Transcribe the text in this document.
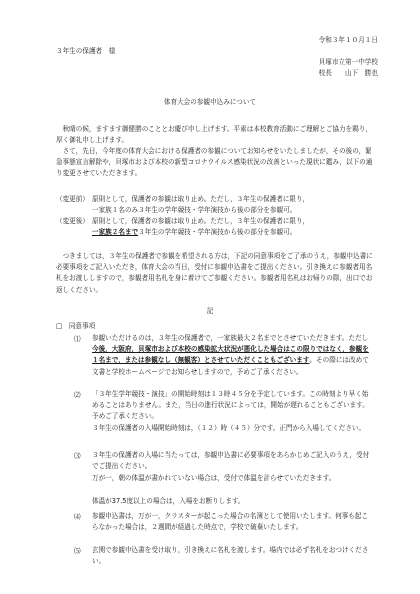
令和３年１０月１日
３年生の保護者　様
貝塚市立第一中学校
校長　　山下　勝也
体育大会の参観申込みについて
　秋晴の候，ますます御健勝のこととお慶び申し上げます。平素は本校教育活動にご理解とご協力を賜り，厚く御礼申し上げます。
　さて，先日，今年度の体育大会における保護者の参観についてお知らせをいたしましたが，その後の，緊急事態宣言解除や，貝塚市および本校の新型コロナウイルス感染状況の改善といった現状に鑑み，以下の通り変更させていただきます。
（変更前） 原則として，保護者の参観は取り止め。ただし，３年生の保護者に限り，
一家族１名のみ３年生の学年競技・学年演技から後の部分を参観可。
（変更後） 原則として，保護者の参観は取り止め。ただし，３年生の保護者に限り，
一家族２名まで３年生の学年競技・学年演技から後の部分を参観可。
　つきましては，３年生の保護者で参観を希望される方は，下記の同意事項をご了承のうえ，参観申込書に必要事項をご記入いただき，体育大会の当日，受付に参観申込書をご提出ください。引き換えに参観者用名札をお渡ししますので，参観者用名札を身に着けてご参観ください。参観者用名札はお帰りの際，出口でお返しください。
記
□　同意事項
⑴ 参観いただけるのは，３年生の保護者で，一家族最大２名までとさせていただきます。ただし今後，大阪府，貝塚市および本校の感染拡大状況が悪化した場合はこの限りではなく，参観を１名まで，または参観なし（無観客）とさせていただくこともございます。その際には改めて文書と学校ホームページでお知らせしますので，予めご了承ください。
⑵ 「３年生学年競技・演技」の開始時刻は１３時４５分を予定しています。この時刻より早く始めることはありません。また，当日の進行状況によっては，開始が遅れることもございます。予めご了承ください。
３年生の保護者の入場開始時刻は，（１２）時（４５）分です。正門から入場してください。
⑶ ３年生の保護者の入場に当たっては，参観申込書に必要事項をあらかじめご記入のうえ，受付でご提出ください。
万が一，朝の体温が書かれていない場合は，受付で体温を計らせていただきます。
体温が37.5度以上の場合は，入場をお断りします。
⑷ 参観申込書は，万が一，クラスターが起こった場合の名簿として使用いたします。何事も起こらなかった場合は，２週間が経過した時点で，学校で破棄いたします。
⑸ 玄関で参観申込書を受け取り，引き換えに名札を渡します。場内では必ず名札をおつけください。
